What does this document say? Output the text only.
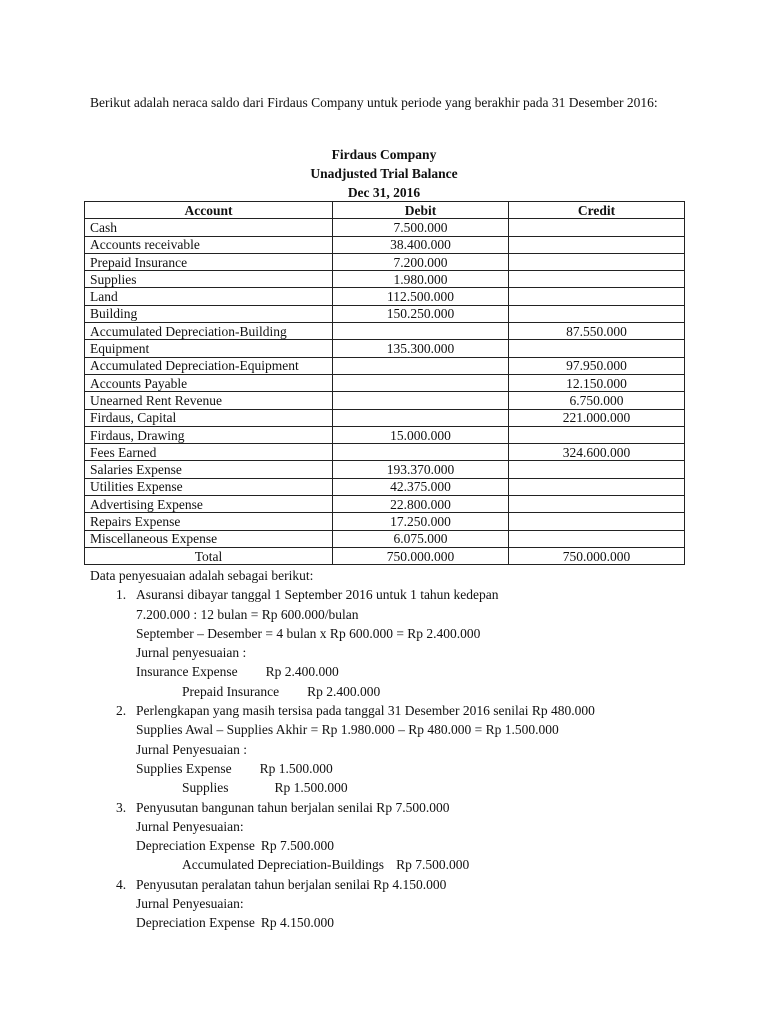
Berikut adalah neraca saldo dari Firdaus Company untuk periode yang berakhir pada 31 Desember 2016:
Firdaus Company
Unadjusted Trial Balance
Dec 31, 2016
Account	Debit	Credit
Cash	7.500.000	
Accounts receivable	38.400.000	
Prepaid Insurance	7.200.000	
Supplies	1.980.000	
Land	112.500.000	
Building	150.250.000	
Accumulated Depreciation-Building		87.550.000
Equipment	135.300.000	
Accumulated Depreciation-Equipment		97.950.000
Accounts Payable		12.150.000
Unearned Rent Revenue		6.750.000
Firdaus, Capital		221.000.000
Firdaus, Drawing	15.000.000	
Fees Earned		324.600.000
Salaries Expense	193.370.000	
Utilities Expense	42.375.000	
Advertising Expense	22.800.000	
Repairs Expense	17.250.000	
Miscellaneous Expense	6.075.000	
Total	750.000.000	750.000.000
Data penyesuaian adalah sebagai berikut:
1. Asuransi dibayar tanggal 1 September 2016 untuk 1 tahun kedepan
7.200.000 : 12 bulan = Rp 600.000/bulan
September – Desember = 4 bulan x Rp 600.000 = Rp 2.400.000
Jurnal penyesuaian :
Insurance Expense Rp 2.400.000
Prepaid Insurance Rp 2.400.000
2. Perlengkapan yang masih tersisa pada tanggal 31 Desember 2016 senilai Rp 480.000
Supplies Awal – Supplies Akhir = Rp 1.980.000 – Rp 480.000 = Rp 1.500.000
Jurnal Penyesuaian :
Supplies Expense Rp 1.500.000
Supplies	Rp 1.500.000
3. Penyusutan bangunan tahun berjalan senilai Rp 7.500.000
Jurnal Penyesuaian:
Depreciation Expense Rp 7.500.000
Accumulated Depreciation-Buildings Rp 7.500.000
4. Penyusutan peralatan tahun berjalan senilai Rp 4.150.000
Jurnal Penyesuaian:
Depreciation Expense Rp 4.150.000
